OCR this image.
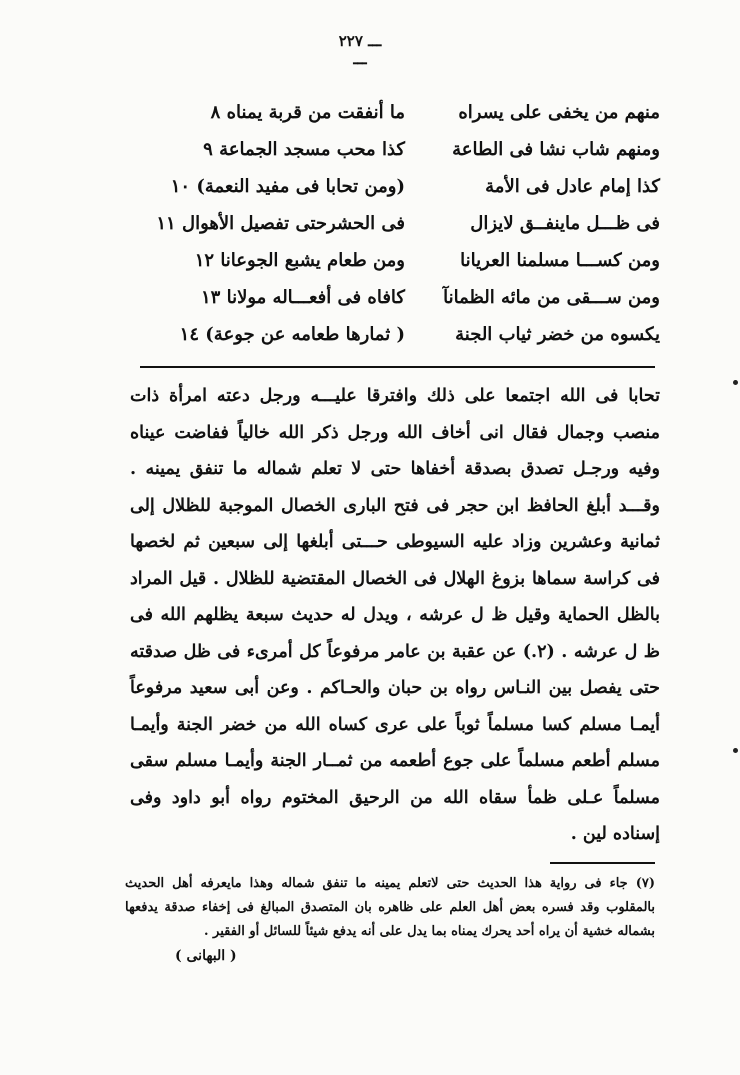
ـــ ٢٢٧ ـــ
منهم من يخفى على يسراه
ما أنفقت من قربة يمناه ٨
ومنهم شاب نشا فى الطاعة
كذا محب مسجد الجماعة ٩
كذا إمام عادل فى الأمة
(ومن تحابا فى مفيد النعمة) ١٠
فى ظـــل ماينفــق لايزال
فى الحشرحتى تفصيل الأهوال ١١
ومن كســـا مسلمنا العريانا
ومن طعام يشبع الجوعانا ١٢
ومن ســـقى من مائه الظمانآ
كافاه فى أفعـــاله مولانا ١٣
يكسوه من خضر ثياب الجنة
( ثمارها طعامه عن جوعة) ١٤

تحابا فى الله اجتمعا على ذلك وافترقا عليـــه ورجل دعته امرأة ذات منصب وجمال فقال انى أخاف الله ورجل ذكر الله خالياً ففاضت عيناه وفيه ورجـل تصدق بصدقة أخفاها حتى لا تعلم شماله ما تنفق يمينه . وقـــد أبلغ الحافظ ابن حجر فى فتح البارى الخصال الموجبة للظلال إلى ثمانية وعشرين وزاد عليه السيوطى حـــتى أبلغها إلى سبعين ثم لخصها فى كراسة سماها بزوغ الهلال فى الخصال المقتضية للظلال . قيل المراد بالظل الحماية وقيل ظ ل عرشه ، ويدل له حديث سبعة يظلهم الله فى ظ ل عرشه . (٢.) عن عقبة بن عامر مرفوعاً كل أمرىء فى ظل صدقته حتى يفصل بين النـاس رواه بن حبان والحـاكم . وعن أبى سعيد مرفوعاً أيمـا مسلم كسا مسلماً ثوباً على عرى كساه الله من خضر الجنة وأيمـا مسلم أطعم مسلماً على جوع أطعمه من ثمــار الجنة وأيمـا مسلم سقى مسلماً عـلى ظمأ سقاه الله من الرحيق المختوم رواه أبو داود وفى إسناده لين .

(٧) جاء فى رواية هذا الحديث حتى لاتعلم يمينه ما تنفق شماله وهذا مايعرفه أهل الحديث بالمقلوب وقد فسره بعض أهل العلم على ظاهره بان المتصدق المبالغ فى إخفاء صدقة يدفعها بشماله خشية أن يراه أحد يحرك يمناه بما يدل على أنه يدفع شيئاً للسائل أو الفقير .

( البهانى )
